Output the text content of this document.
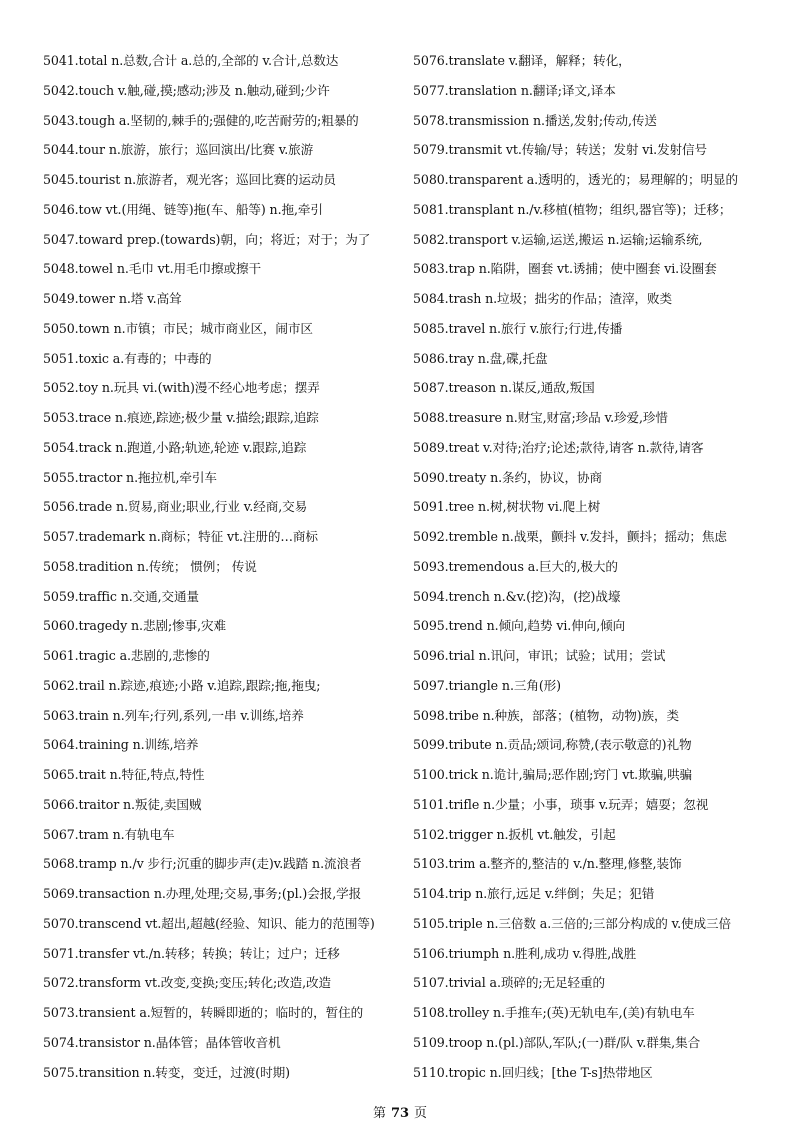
5041.total n.总数,合计 a.总的,全部的 v.合计,总数达
5042.touch v.触,碰,摸;感动;涉及 n.触动,碰到;少许
5043.tough a.坚韧的,棘手的;强健的,吃苦耐劳的;粗暴的
5044.tour n.旅游，旅行；巡回演出/比赛 v.旅游
5045.tourist n.旅游者，观光客；巡回比赛的运动员
5046.tow vt.(用绳、链等)拖(车、船等) n.拖,牵引
5047.toward prep.(towards)朝，向；将近；对于；为了
5048.towel n.毛巾 vt.用毛巾擦或擦干
5049.tower n.塔 v.高耸
5050.town n.市镇；市民；城市商业区，闹市区
5051.toxic a.有毒的；中毒的
5052.toy n.玩具 vi.(with)漫不经心地考虑；摆弄
5053.trace n.痕迹,踪迹;极少量 v.描绘;跟踪,追踪
5054.track n.跑道,小路;轨迹,轮迹 v.跟踪,追踪
5055.tractor n.拖拉机,牵引车
5056.trade n.贸易,商业;职业,行业 v.经商,交易
5057.trademark n.商标；特征 vt.注册的…商标
5058.tradition n.传统； 惯例； 传说
5059.traffic n.交通,交通量
5060.tragedy n.悲剧;惨事,灾难
5061.tragic a.悲剧的,悲惨的
5062.trail n.踪迹,痕迹;小路 v.追踪,跟踪;拖,拖曳;
5063.train n.列车;行列,系列,一串 v.训练,培养
5064.training n.训练,培养
5065.trait n.特征,特点,特性
5066.traitor n.叛徒,卖国贼
5067.tram n.有轨电车
5068.tramp n./v 步行;沉重的脚步声(走)v.践踏 n.流浪者
5069.transaction n.办理,处理;交易,事务;(pl.)会报,学报
5070.transcend vt.超出,超越(经验、知识、能力的范围等)
5071.transfer vt./n.转移；转换；转让；过户；迁移
5072.transform vt.改变,变换;变压;转化;改造,改造
5073.transient a.短暂的，转瞬即逝的；临时的，暂住的
5074.transistor n.晶体管；晶体管收音机
5075.transition n.转变，变迁，过渡(时期)
5076.translate v.翻译，解释；转化，
5077.translation n.翻译;译文,译本
5078.transmission n.播送,发射;传动,传送
5079.transmit vt.传输/导；转送；发射 vi.发射信号
5080.transparent a.透明的，透光的；易理解的；明显的
5081.transplant n./v.移植(植物；组织,器官等)；迁移；
5082.transport v.运输,运送,搬运 n.运输;运输系统,
5083.trap n.陷阱，圈套 vt.诱捕；使中圈套 vi.设圈套
5084.trash n.垃圾；拙劣的作品；渣滓，败类
5085.travel n.旅行 v.旅行;行进,传播
5086.tray n.盘,碟,托盘
5087.treason n.谋反,通敌,叛国
5088.treasure n.财宝,财富;珍品 v.珍爱,珍惜
5089.treat v.对待;治疗;论述;款待,请客 n.款待,请客
5090.treaty n.条约，协议，协商
5091.tree n.树,树状物 vi.爬上树
5092.tremble n.战栗，颤抖 v.发抖，颤抖；摇动；焦虑
5093.tremendous a.巨大的,极大的
5094.trench n.&v.(挖)沟，(挖)战壕
5095.trend n.倾向,趋势 vi.伸向,倾向
5096.trial n.讯问，审讯；试验；试用；尝试
5097.triangle n.三角(形)
5098.tribe n.种族，部落；(植物，动物)族，类
5099.tribute n.贡品;颂词,称赞,(表示敬意的)礼物
5100.trick n.诡计,骗局;恶作剧;窍门 vt.欺骗,哄骗
5101.trifle n.少量；小事，琐事 v.玩弄；嬉耍；忽视
5102.trigger n.扳机 vt.触发，引起
5103.trim a.整齐的,整洁的 v./n.整理,修整,装饰
5104.trip n.旅行,远足 v.绊倒；失足；犯错
5105.triple n.三倍数 a.三倍的;三部分构成的 v.使成三倍
5106.triumph n.胜利,成功 v.得胜,战胜
5107.trivial a.琐碎的;无足轻重的
5108.trolley n.手推车;(英)无轨电车,(美)有轨电车
5109.troop n.(pl.)部队,军队;(一)群/队 v.群集,集合
5110.tropic n.回归线；[the T-s]热带地区
第 73 页
